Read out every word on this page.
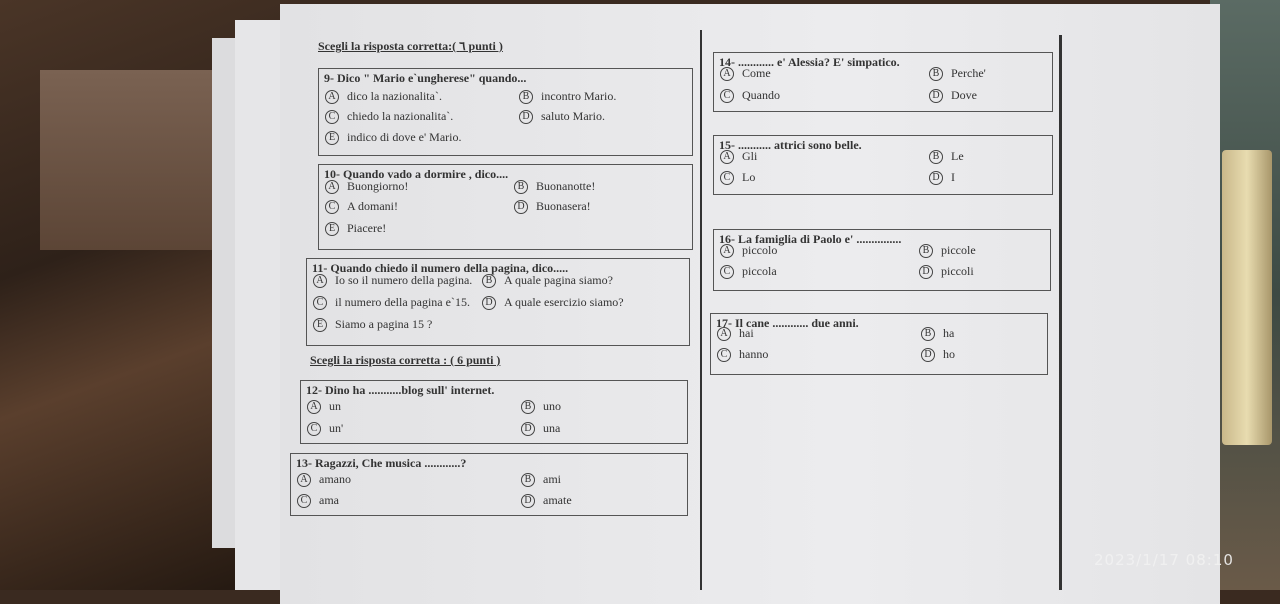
Scegli la risposta corretta:( ٦ punti )
Scegli la risposta corretta : ( 6 punti )
9- Dico " Mario e`ungherese" quando...
A dico la nazionalita`.	B incontro Mario.
C chiedo la nazionalita`.	D saluto Mario.
E indico di dove e' Mario.
10- Quando vado a dormire , dico....
A Buongiorno!	B Buonanotte!
C A domani!	D Buonasera!
E Piacere!
11- Quando chiedo il numero della pagina, dico.....
A Io so il numero della pagina.	B A quale pagina siamo?
C il numero della pagina e`15.	D A quale esercizio siamo?
E Siamo a pagina 15 ?
12- Dino ha ...........blog sull' internet.
A un	B uno
C un'	D una
13- Ragazzi, Che musica ............?
A amano	B ami
C ama	D amate
14- ............ e' Alessia? E' simpatico.
A Come	B Perche'
C Quando	D Dove
15- ........... attrici sono belle.
A Gli	B Le
C Lo	D I
16- La famiglia di Paolo e' ...............
A piccolo	B piccole
C piccola	D piccoli
17- Il cane ............ due anni.
A hai	B ha
C hanno	D ho
2023/1/17 08:10
